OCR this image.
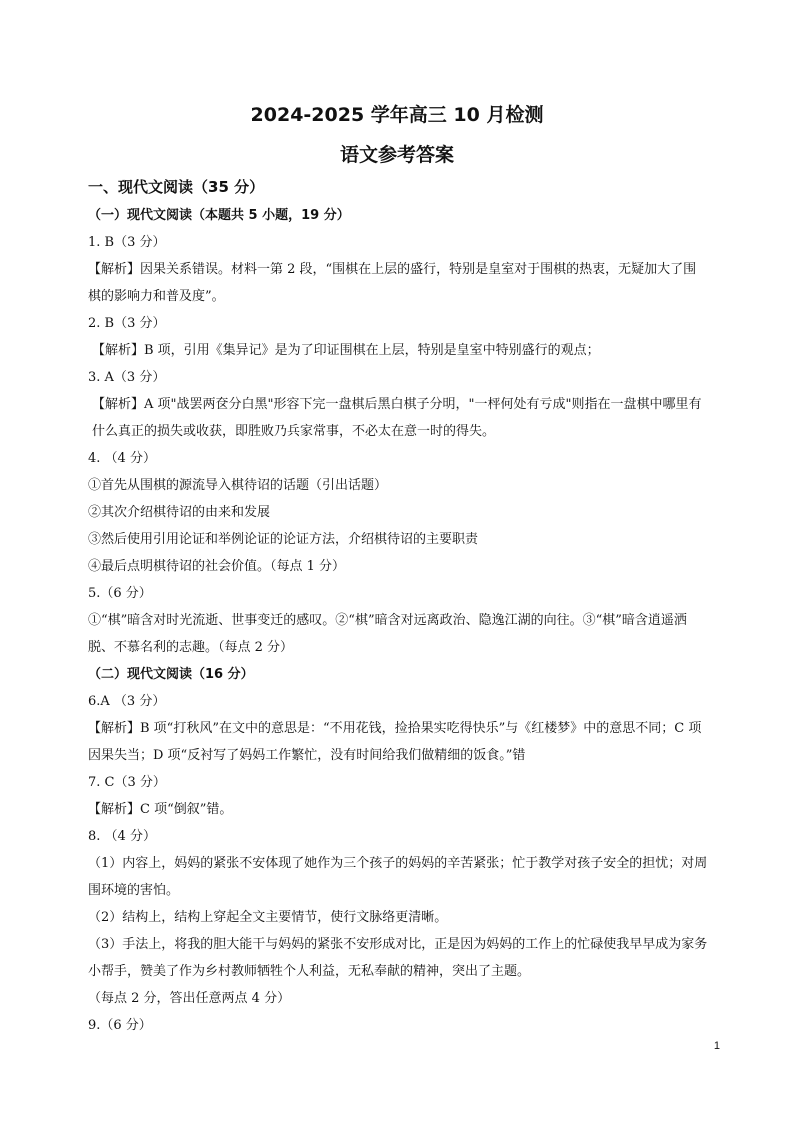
2024-2025 学年高三 10 月检测
语文参考答案
一、现代文阅读（35 分）
（一）现代文阅读（本题共 5 小题，19 分）
1. B（3 分）
【解析】因果关系错误。材料一第 2 段，“围棋在上层的盛行，特别是皇室对于围棋的热衷，无疑加大了围棋的影响力和普及度”。
2. B（3 分）
【解析】B 项，引用《集异记》是为了印证围棋在上层，特别是皇室中特别盛行的观点；
3. A（3 分）
【解析】A 项"战罢两奁分白黑"形容下完一盘棋后黑白棋子分明，"一枰何处有亏成"则指在一盘棋中哪里有什么真正的损失或收获，即胜败乃兵家常事，不必太在意一时的得失。
4. （4 分）
①首先从围棋的源流导入棋待诏的话题（引出话题）
②其次介绍棋待诏的由来和发展
③然后使用引用论证和举例论证的论证方法，介绍棋待诏的主要职责
④最后点明棋待诏的社会价值。（每点 1 分）
5.（6 分）
①“棋”暗含对时光流逝、世事变迁的感叹。②“棋”暗含对远离政治、隐逸江湖的向往。③“棋”暗含逍遥洒脱、不慕名利的志趣。（每点 2 分）
（二）现代文阅读（16 分）
6.A （3 分）
【解析】B 项“打秋风”在文中的意思是：“不用花钱，捡拾果实吃得快乐”与《红楼梦》中的意思不同；C 项因果失当；D 项“反衬写了妈妈工作繁忙，没有时间给我们做精细的饭食。”错
7. C（3 分）
【解析】C 项“倒叙”错。
8. （4 分）
（1）内容上，妈妈的紧张不安体现了她作为三个孩子的妈妈的辛苦紧张；忙于教学对孩子安全的担忧；对周围环境的害怕。
（2）结构上，结构上穿起全文主要情节，使行文脉络更清晰。
（3）手法上，将我的胆大能干与妈妈的紧张不安形成对比，正是因为妈妈的工作上的忙碌使我早早成为家务小帮手，赞美了作为乡村教师牺牲个人利益，无私奉献的精神，突出了主题。
（每点 2 分，答出任意两点 4 分）
9.（6 分）
1
